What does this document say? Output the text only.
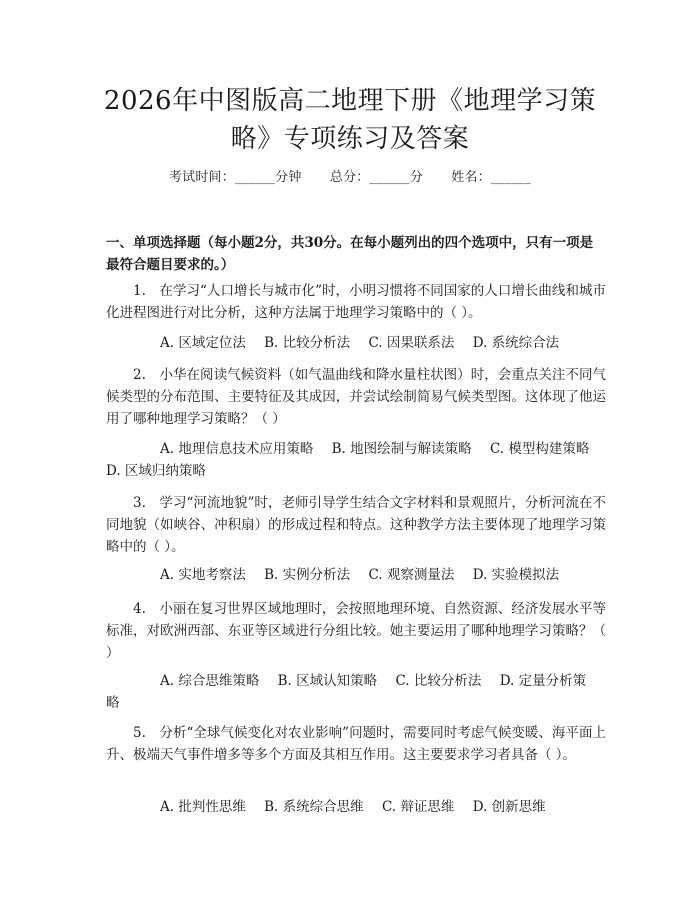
2026年中图版高二地理下册《地理学习策
略》专项练习及答案
考试时间：______分钟 总分：______分 姓名：______

一、单项选择题（每小题2分，共30分。在每小题列出的四个选项中，只有一项是最符合题目要求的。）

1.　在学习“人口增长与城市化”时，小明习惯将不同国家的人口增长曲线和城市化进程图进行对比分析，这种方法属于地理学习策略中的（ ）。

A. 区域定位法 B. 比较分析法 C. 因果联系法 D. 系统综合法

2.　小华在阅读气候资料（如气温曲线和降水量柱状图）时，会重点关注不同气候类型的分布范围、主要特征及其成因，并尝试绘制简易气候类型图。这体现了他运用了哪种地理学习策略？（ ）

A. 地理信息技术应用策略 B. 地图绘制与解读策略 C. 模型构建策略 D. 区域归纳策略

3.　学习“河流地貌”时，老师引导学生结合文字材料和景观照片，分析河流在不同地貌（如峡谷、冲积扇）的形成过程和特点。这种教学方法主要体现了地理学习策略中的（ ）。

A. 实地考察法 B. 实例分析法 C. 观察测量法 D. 实验模拟法

4.　小丽在复习世界区域地理时，会按照地理环境、自然资源、经济发展水平等标准，对欧洲西部、东亚等区域进行分组比较。她主要运用了哪种地理学习策略？（ ）

A. 综合思维策略 B. 区域认知策略 C. 比较分析法 D. 定量分析策略

5.　分析“全球气候变化对农业影响”问题时，需要同时考虑气候变暖、海平面上升、极端天气事件增多等多个方面及其相互作用。这主要要求学习者具备（ ）。

A. 批判性思维 B. 系统综合思维 C. 辩证思维 D. 创新思维
